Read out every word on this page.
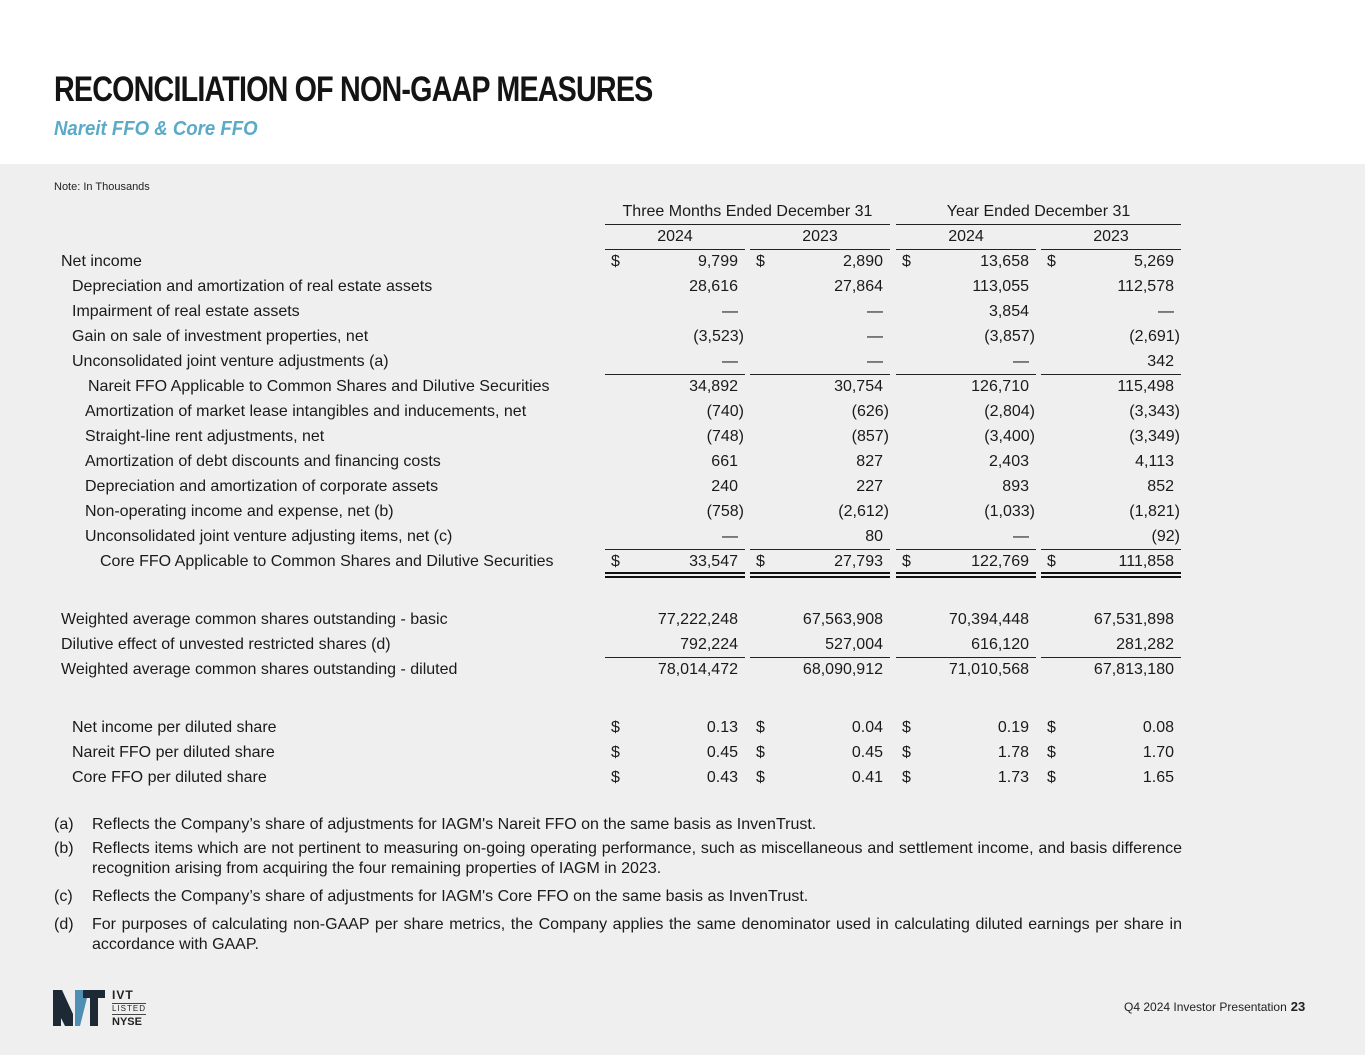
RECONCILIATION OF NON-GAAP MEASURES
Nareit FFO & Core FFO
Note: In Thousands
Three Months Ended December 31	Year Ended December 31
2024	2023	2024	2023
Net income	$	9,799 $	2,890 $	13,658 $	5,269
Depreciation and amortization of real estate assets	28,616	27,864	113,055	112,578
Impairment of real estate assets	—	—	3,854	—
Gain on sale of investment properties, net	(3,523)	—	(3,857)	(2,691)
Unconsolidated joint venture adjustments (a)	—	—	—	342
Nareit FFO Applicable to Common Shares and Dilutive Securities	34,892	30,754	126,710	115,498
Amortization of market lease intangibles and inducements, net	(740)	(626)	(2,804)	(3,343)
Straight-line rent adjustments, net	(748)	(857)	(3,400)	(3,349)
Amortization of debt discounts and financing costs	661	827	2,403	4,113
Depreciation and amortization of corporate assets	240	227	893	852
Non-operating income and expense, net (b)	(758)	(2,612)	(1,033)	(1,821)
Unconsolidated joint venture adjusting items, net (c)	—	80	—	(92)
Core FFO Applicable to Common Shares and Dilutive Securities	$	33,547 $	27,793 $	122,769 $	111,858
Weighted average common shares outstanding - basic	77,222,248	67,563,908	70,394,448	67,531,898
Dilutive effect of unvested restricted shares (d)	792,224	527,004	616,120	281,282
Weighted average common shares outstanding - diluted	78,014,472	68,090,912	71,010,568	67,813,180
Net income per diluted share	$	0.13 $	0.04 $	0.19 $	0.08
Nareit FFO per diluted share	$	0.45 $	0.45 $	1.78 $	1.70
Core FFO per diluted share	$	0.43 $	0.41 $	1.73 $	1.65
(a) Reflects the Company’s share of adjustments for IAGM's Nareit FFO on the same basis as InvenTrust.
(b) Reflects items which are not pertinent to measuring on-going operating performance, such as miscellaneous and settlement income, and basis difference recognition arising from acquiring the four remaining properties of IAGM in 2023.
(c) Reflects the Company’s share of adjustments for IAGM's Core FFO on the same basis as InvenTrust.
(d) For purposes of calculating non-GAAP per share metrics, the Company applies the same denominator used in calculating diluted earnings per share in accordance with GAAP.
IVT
LISTED
NYSE
Q4 2024 Investor Presentation 23
